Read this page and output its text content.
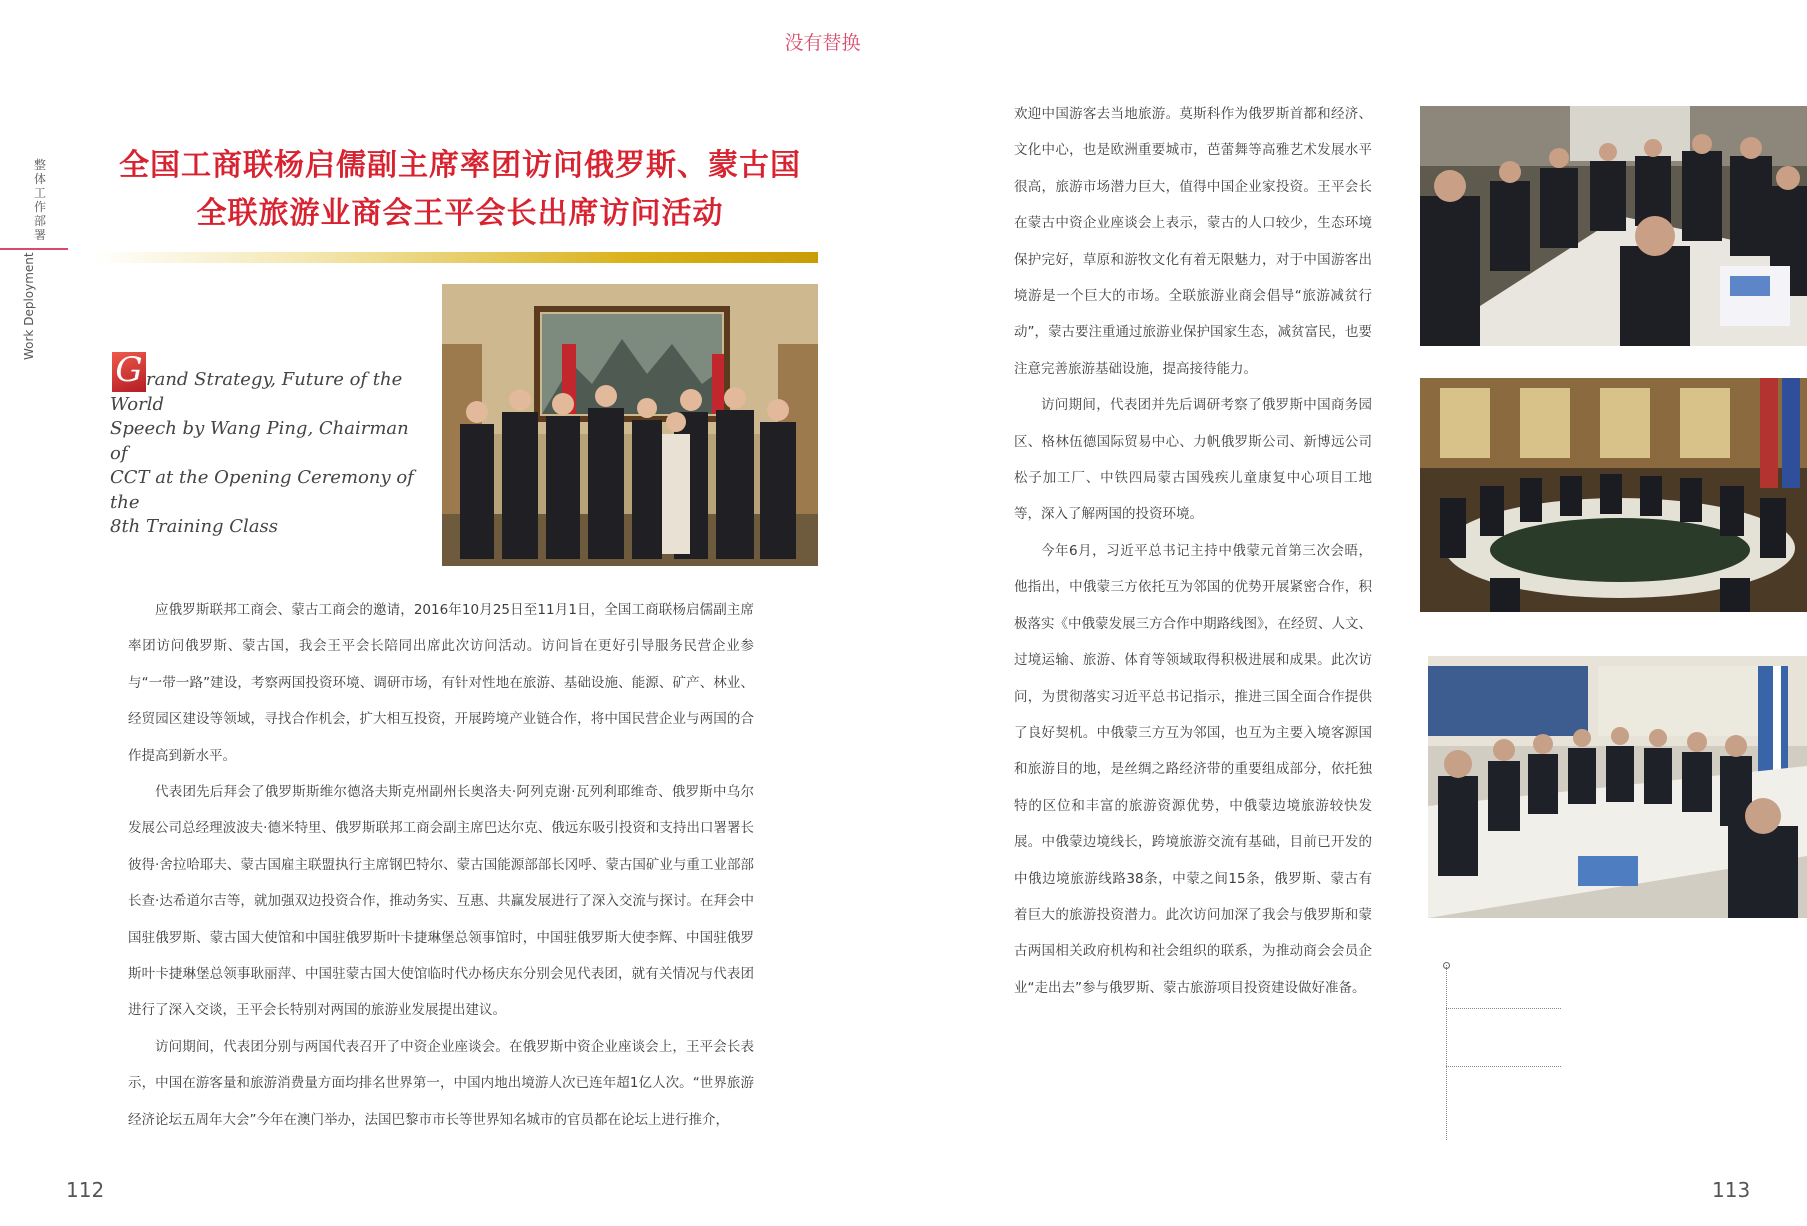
没有替换
整体工作部署
Work Deployment
全国工商联杨启儒副主席率团访问俄罗斯、蒙古国
全联旅游业商会王平会长出席访问活动
G rand Strategy, Future of the
World
Speech by Wang Ping, Chairman of
CCT at the Opening Ceremony of the
8th Training Class

应俄罗斯联邦工商会、蒙古工商会的邀请，2016年10月25日至11月1日，全国工商联杨启儒副主席率团访问俄罗斯、蒙古国，我会王平会长陪同出席此次访问活动。访问旨在更好引导服务民营企业参与“一带一路”建设，考察两国投资环境、调研市场，有针对性地在旅游、基础设施、能源、矿产、林业、经贸园区建设等领域，寻找合作机会，扩大相互投资，开展跨境产业链合作，将中国民营企业与两国的合作提高到新水平。

代表团先后拜会了俄罗斯斯维尔德洛夫斯克州副州长奥洛夫·阿列克谢·瓦列利耶维奇、俄罗斯中乌尔发展公司总经理波波夫·德米特里、俄罗斯联邦工商会副主席巴达尔克、俄远东吸引投资和支持出口署署长彼得·舍拉哈耶夫、蒙古国雇主联盟执行主席钢巴特尔、蒙古国能源部部长冈呼、蒙古国矿业与重工业部部长查·达希道尔吉等，就加强双边投资合作，推动务实、互惠、共赢发展进行了深入交流与探讨。在拜会中国驻俄罗斯、蒙古国大使馆和中国驻俄罗斯叶卡捷琳堡总领事馆时，中国驻俄罗斯大使李辉、中国驻俄罗斯叶卡捷琳堡总领事耿丽萍、中国驻蒙古国大使馆临时代办杨庆东分别会见代表团，就有关情况与代表团进行了深入交谈，王平会长特别对两国的旅游业发展提出建议。

访问期间，代表团分别与两国代表召开了中资企业座谈会。在俄罗斯中资企业座谈会上，王平会长表示，中国在游客量和旅游消费量方面均排名世界第一，中国内地出境游人次已连年超1亿人次。“世界旅游经济论坛五周年大会”今年在澳门举办，法国巴黎市市长等世界知名城市的官员都在论坛上进行推介，

欢迎中国游客去当地旅游。莫斯科作为俄罗斯首都和经济、文化中心，也是欧洲重要城市，芭蕾舞等高雅艺术发展水平很高，旅游市场潜力巨大，值得中国企业家投资。王平会长在蒙古中资企业座谈会上表示，蒙古的人口较少，生态环境保护完好，草原和游牧文化有着无限魅力，对于中国游客出境游是一个巨大的市场。全联旅游业商会倡导“旅游减贫行动”，蒙古要注重通过旅游业保护国家生态，减贫富民，也要注意完善旅游基础设施，提高接待能力。

访问期间，代表团并先后调研考察了俄罗斯中国商务园区、格林伍德国际贸易中心、力帆俄罗斯公司、新博远公司松子加工厂、中铁四局蒙古国残疾儿童康复中心项目工地等，深入了解两国的投资环境。

今年6月，习近平总书记主持中俄蒙元首第三次会晤，他指出，中俄蒙三方依托互为邻国的优势开展紧密合作，积极落实《中俄蒙发展三方合作中期路线图》，在经贸、人文、过境运输、旅游、体育等领域取得积极进展和成果。此次访问，为贯彻落实习近平总书记指示，推进三国全面合作提供了良好契机。中俄蒙三方互为邻国，也互为主要入境客源国和旅游目的地，是丝绸之路经济带的重要组成部分，依托独特的区位和丰富的旅游资源优势，中俄蒙边境旅游较快发展。中俄蒙边境线长，跨境旅游交流有基础，目前已开发的中俄边境旅游线路38条，中蒙之间15条，俄罗斯、蒙古有着巨大的旅游投资潜力。此次访问加深了我会与俄罗斯和蒙古两国相关政府机构和社会组织的联系，为推动商会会员企业“走出去”参与俄罗斯、蒙古旅游项目投资建设做好准备。

112	113
